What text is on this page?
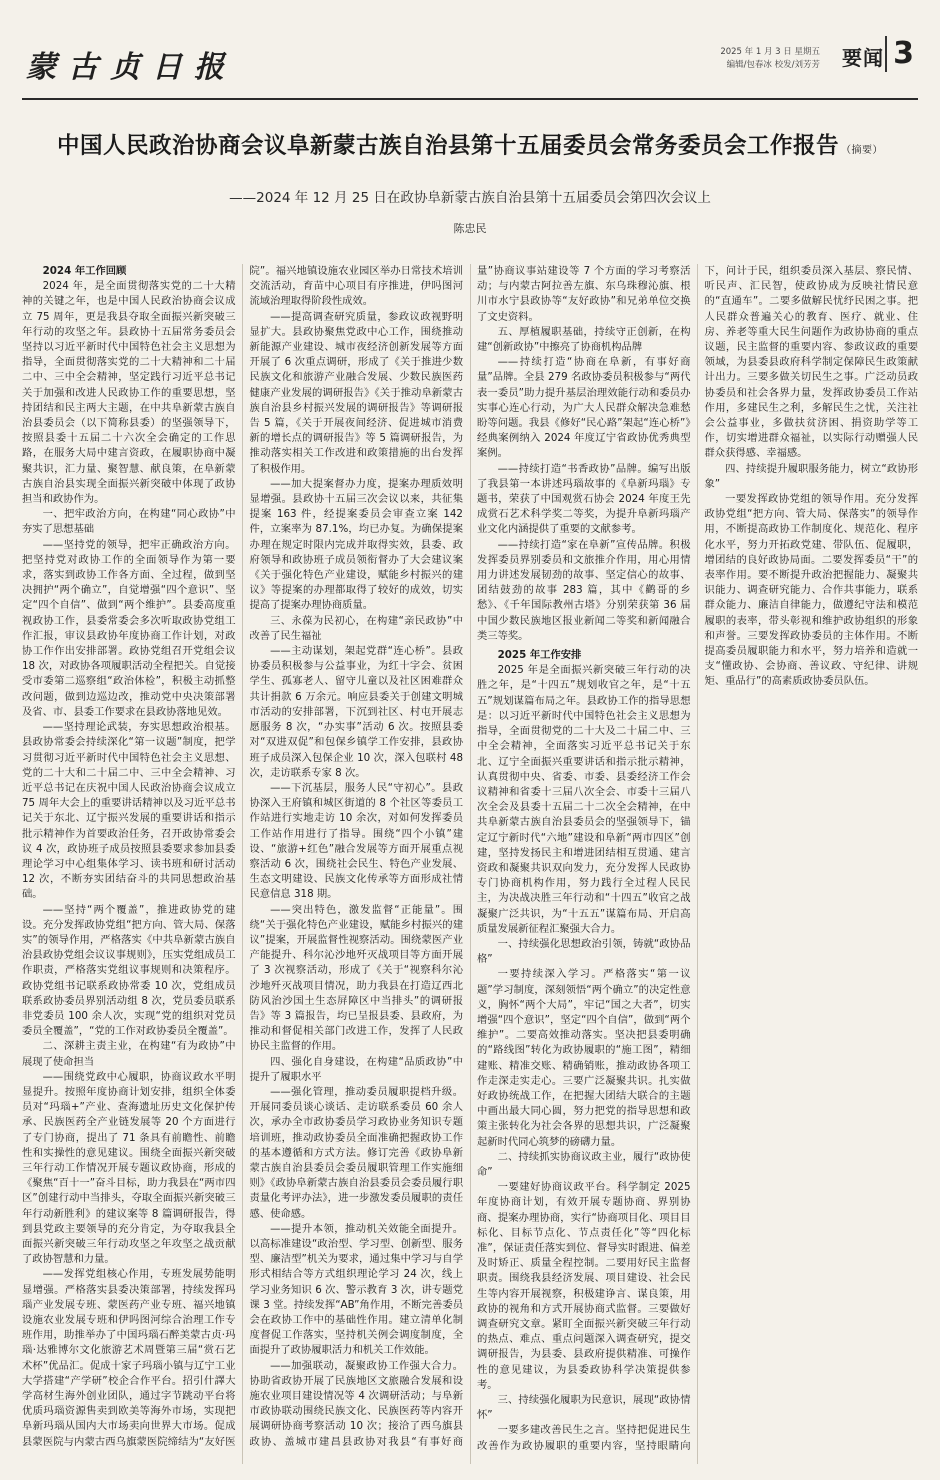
蒙古贞日报	2025 年 1 月 3 日 星期五
编辑/包春冰 校发/刘芳芳 要闻 3
中国人民政治协商会议阜新蒙古族自治县第十五届委员会常务委员会工作报告 （摘要）
——2024 年 12 月 25 日在政协阜新蒙古族自治县第十五届委员会第四次会议上
陈忠民
2024 年工作回顾

2024 年，是全面贯彻落实党的二十大精神的关键之年，也是中国人民政治协商会议成立 75 周年，更是我县夺取全面振兴新突破三年行动的攻坚之年。县政协十五届常务委员会坚持以习近平新时代中国特色社会主义思想为指导，全面贯彻落实党的二十大精神和二十届二中、三中全会精神，坚定践行习近平总书记关于加强和改进人民政协工作的重要思想，坚持团结和民主两大主题，在中共阜新蒙古族自治县委员会（以下简称县委）的坚强领导下，按照县委十五届二十六次全会确定的工作思路，在服务大局中建言资政，在履职协商中凝聚共识，汇力量、聚智慧、献良策，在阜新蒙古族自治县实现全面振兴新突破中体现了政协担当和政协作为。

一、把牢政治方向，在构建“同心政协”中夯实了思想基础

——坚持党的领导，把牢正确政治方向。把坚持党对政协工作的全面领导作为第一要求，落实到政协工作各方面、全过程，做到坚决拥护“两个确立”，自觉增强“四个意识”、坚定“四个自信”、做到“两个维护”。县委高度重视政协工作，县委常委会多次听取政协党组工作汇报，审议县政协年度协商工作计划，对政协工作作出安排部署。政协党组召开党组会议 18 次，对政协各项履职活动全程把关。自觉接受市委第二巡察组“政治体检”，积极主动抓整改问题，做到边巡边改，推动党中央决策部署及省、市、县委工作要求在县政协落地见效。

——坚持理论武装，夯实思想政治根基。县政协常委会持续深化“第一议题”制度，把学习贯彻习近平新时代中国特色社会主义思想、党的二十大和二十届二中、三中全会精神、习近平总书记在庆祝中国人民政治协商会议成立 75 周年大会上的重要讲话精神以及习近平总书记关于东北、辽宁振兴发展的重要讲话和指示批示精神作为首要政治任务，召开政协常委会议 4 次，政协班子成员按照县委要求参加县委理论学习中心组集体学习、读书班和研讨活动 12 次，不断夯实团结奋斗的共同思想政治基础。

——坚持“两个覆盖”，推进政协党的建设。充分发挥政协党组“把方向、管大局、保落实”的领导作用，严格落实《中共阜新蒙古族自治县政协党组会议议事规则》，压实党组成员工作职责，严格落实党组议事规则和决策程序。政协党组书记联系政协常委 10 次，党组成员联系政协委员界别活动组 8 次，党员委员联系非党委员 100 余人次，实现“党的组织对党员委员全覆盖”，“党的工作对政协委员全覆盖”。

二、深耕主责主业，在构建“有为政协”中展现了使命担当

——围绕党政中心履职，协商议政水平明显提升。按照年度协商计划安排，组织全体委员对“玛瑙+”产业、查海遗址历史文化保护传承、民族医药全产业链发展等 20 个方面进行了专门协商，提出了 71 条具有前瞻性、前瞻性和实操性的意见建议。围绕全面振兴新突破三年行动工作情况开展专题议政协商，形成的《聚焦“百十一”奋斗目标，助力我县在“两市四区”创建行动中当排头，夺取全面振兴新突破三年行动新胜利》的建议案等 8 篇调研报告，得到县党政主要领导的充分肯定，为夺取我县全面振兴新突破三年行动攻坚之年攻坚之战贡献了政协智慧和力量。

——发挥党组核心作用，专班发展势能明显增强。严格落实县委决策部署，持续发挥玛瑙产业发展专班、蒙医药产业专班、福兴地镇设施农业发展专班和伊吗图河综合治理工作专班作用，助推举办了中国玛瑙石醉美蒙古贞·玛瑙·达雅博尔文化旅游艺术周暨第三届“赏石艺术杯”优品汇。促成十家子玛瑙小镇与辽宁工业大学搭建“产学研”校企合作平台。招引什譯大学高材生海外创业团队，通过字节跳动平台将优质玛瑙资源售卖到欧美等海外市场，实现把阜新玛瑙从国内大市场卖向世界大市场。促成县蒙医院与内蒙古西乌旗蒙医院缔结为“友好医院”。福兴地镇设施农业园区举办日常技术培训交流活动，育苗中心项目有序推进，伊吗图河流域治理取得阶段性成效。

——提高调查研究质量，参政议政视野明显扩大。县政协聚焦党政中心工作，围绕推动新能源产业建设、城市夜经济创新发展等方面开展了 6 次重点调研，形成了《关于推进少数民族文化和旅游产业融合发展、少数民族医药健康产业发展的调研报告》《关于推动阜新蒙古族自治县乡村振兴发展的调研报告》等调研报告 5 篇，《关于开展夜间经济、促进城市消费新的增长点的调研报告》等 5 篇调研报告，为推动落实相关工作改进和政策措施的出台发挥了积极作用。

——加大提案督办力度，提案办理质效明显增强。县政协十五届三次会议以来，共征集提案 163 件，经提案委员会审查立案 142 件，立案率为 87.1%，均已办复。为确保提案办理在规定时限内完成并取得实效，县委、政府领导和政协班子成员领衔督办了大会建议案《关于强化特色产业建设，赋能乡村振兴的建议》等提案的办理都取得了较好的成效，切实提高了提案办理协商质量。

三、永葆为民初心，在构建“亲民政协”中改善了民生福祉

——主动谋划，架起党群“连心桥”。县政协委员积极参与公益事业，为红十字会、贫困学生、孤寡老人、留守儿童以及社区困难群众共计捐款 6 万余元。响应县委关于创建文明城市活动的安排部署，下沉到社区、村屯开展志愿服务 8 次，“办实事”活动 6 次。按照县委对“双进双促”和包保乡镇学工作安排，县政协班子成员深入包保企业 10 次，深入包联村 48 次，走访联系专家 8 次。

——下沉基层，服务人民“守初心”。县政协深入王府镇和城区街道的 8 个社区等委员工作站进行实地走访 10 余次，对如何发挥委员工作站作用进行了指导。围绕“四个小镇”建设、“旅游+红色”融合发展等方面开展重点视察活动 6 次，围绕社会民生、特色产业发展、生态文明建设、民族文化传承等方面形成社情民意信息 318 期。

——突出特色，激发监督“正能量”。围绕“关于强化特色产业建设，赋能乡村振兴的建议”提案，开展监督性视察活动。围绕蒙医产业产能提升、科尔沁沙地歼灭战项目等方面开展了 3 次视察活动，形成了《关于“视察科尔沁沙地歼灭战项目情况，助力我县在打造辽西北防风治沙国土生态屏障区中当排头”的调研报告》等 3 篇报告，均已呈报县委、县政府，为推动和督促相关部门改进工作，发挥了人民政协民主监督的作用。

四、强化自身建设，在构建“品质政协”中提升了履职水平

——强化管理，推动委员履职提档升级。开展同委员谈心谈话、走访联系委员 60 余人次，承办全市政协委员学习政协业务知识专题培训班，推动政协委员全面准确把握政协工作的基本遵循和方式方法。修订完善《政协阜新蒙古族自治县委员会委员履职管理工作实施细则》《政协阜新蒙古族自治县委员会委员履行职责量化考评办法》，进一步激发委员履职的责任感、使命感。

——提升本领，推动机关效能全面提升。以高标准建设“政治型、学习型、创新型、服务型、廉洁型”机关为要求，通过集中学习与自学形式相结合等方式组织理论学习 24 次，线上学习业务知识 6 次、警示教育 3 次，讲专题党课 3 堂。持续发挥“AB”角作用，不断完善委员会在政协工作中的基础性作用。建立清单化制度督促工作落实，坚持机关例会调度制度，全面提升了政协履职活力和机关工作效能。

——加强联动，凝聚政协工作强大合力。协助省政协开展了民族地区文旅融合发展和设施农业项目建设情况等 4 次调研活动；与阜新市政协联动围绕民族文化、民族医药等内容开展调研协商考察活动 10 次；接洽了西乌旗县政协、盖城市建昌县政协对我县“有事好商量”协商议事站建设等 7 个方面的学习考察活动；与内蒙古阿拉善左旗、东乌珠穆沁旗、根川市水宁县政协等“友好政协”和兄弟单位交换了文史资料。

五、厚植履职基础，持续守正创新，在构建“创新政协”中擦亮了协商机构品牌

——持续打造“协商在阜新，有事好商量”品牌。全县 279 名政协委员积极参与“两代表一委员”助力提升基层治理效能行动和委员办实事心连心行动，为广大人民群众解决急难愁盼等问题。我县《修好“民心路”架起“连心桥”》经典案例纳入 2024 年度辽宁省政协优秀典型案例。

——持续打造“书香政协”品牌。编写出版了我县第一本讲述玛瑙故事的《阜新玛瑙》专题书，荣获了中国观赏石协会 2024 年度王先成赏石艺术科学奖二等奖，为提升阜新玛瑙产业文化内涵提供了重要的文献参考。

——持续打造“家在阜新”宣传品牌。积极发挥委员界别委员和文旅推介作用，用心用情用力讲述发展韧劲的故事、坚定信心的故事、团结鼓劲的故事 283 篇，其中《鹳哥的乡愁》、《千年国际教州古塔》分别荣获第 36 届中国少数民族地区报业新闻二等奖和新闻融合类三等奖。

2025 年工作安排

2025 年是全面振兴新突破三年行动的决胜之年，是“十四五”规划收官之年，是“十五五”规划谋篇布局之年。县政协工作的指导思想是：以习近平新时代中国特色社会主义思想为指导，全面贯彻党的二十大及二十届二中、三中全会精神，全面落实习近平总书记关于东北、辽宁全面振兴重要讲话和指示批示精神，认真贯彻中央、省委、市委、县委经济工作会议精神和省委十三届八次全会、市委十三届八次全会及县委十五届二十二次全会精神，在中共阜新蒙古族自治县委员会的坚强领导下，锚定辽宁新时代“六地”建设和阜新“两市四区”创建，坚持发扬民主和增进团结相互贯通、建言资政和凝聚共识双向发力，充分发挥人民政协专门协商机构作用，努力践行全过程人民民主，为决战决胜三年行动和“十四五”收官之战凝聚广泛共识，为“十五五”谋篇布局、开启高质量发展新征程汇聚强大合力。

一、持续强化思想政治引领，铸就“政协品格”

一要持续深入学习。严格落实“第一议题”学习制度，深刻领悟“两个确立”的决定性意义，胸怀“两个大局”，牢记“国之大者”，切实增强“四个意识”，坚定“四个自信”，做到“两个维护”。二要高效推动落实。坚决把县委明确的“路线图”转化为政协履职的“施工图”，精细建账、精准交账、精确销账，推动政协各项工作走深走实走心。三要广泛凝聚共识。扎实做好政协统战工作，在把握大团结大联合的主题中画出最大同心圆，努力把党的指导思想和政策主张转化为社会各界的思想共识，广泛凝聚起新时代同心筑梦的磅礴力量。

二、持续抓实协商议政主业，履行“政协使命”

一要建好协商议政平台。科学制定 2025 年度协商计划，有效开展专题协商、界别协商、提案办理协商，实行“协商项目化、项目目标化、目标节点化、节点责任化”等“四化标准”，保证责任落实到位、督导实时跟进、偏差及时矫正、质量全程控制。二要用好民主监督职责。围绕我县经济发展、项目建设、社会民生等内容开展视察，积极建诤言、谋良策，用政协的视角和方式开展协商式监督。三要做好调查研究文章。紧盯全面振兴新突破三年行动的热点、难点、重点问题深入调查研究，提交调研报告，为县委、县政府提供精准、可操作性的意见建议，为县委政协科学决策提供参考。

三、持续强化履职为民意识，展现“政协情怀”

一要多建改善民生之言。坚持把促进民生改善作为政协履职的重要内容，坚持眼睛向下，问计于民，组织委员深入基层、察民情、听民声、汇民智，使政协成为反映社情民意的“直通车”。二要多做解民忧纾民困之事。把人民群众普遍关心的教育、医疗、就业、住房、养老等重大民生问题作为政协协商的重点议题，民主监督的重要内容、参政议政的重要领域，为县委县政府科学制定保障民生政策献计出力。三要多做关切民生之事。广泛动员政协委员和社会各界力量，发挥政协委员工作站作用，多建民生之利，多解民生之忧，关注社会公益事业，多做扶贫济困、捐资助学等工作，切实增进群众福祉，以实际行动赠强人民群众获得感、幸福感。

四、持续提升履职服务能力，树立“政协形象”

一要发挥政协党组的领导作用。充分发挥政协党组“把方向、管大局、保落实”的领导作用，不断提高政协工作制度化、规范化、程序化水平，努力开拓政党建、带队伍、促履职，增团结的良好政协局面。二要发挥委员“干”的表率作用。要不断提升政治把握能力、凝聚共识能力、调查研究能力、合作共事能力，联系群众能力、廉洁自律能力，做遵纪守法和模范履职的表率，带头彰视和维护政协组织的形象和声誉。三要发挥政协委员的主体作用。不断提高委员履职能力和水平，努力培养和造就一支“懂政协、会协商、善议政、守纪律、讲规矩、重品行”的高素质政协委员队伍。
